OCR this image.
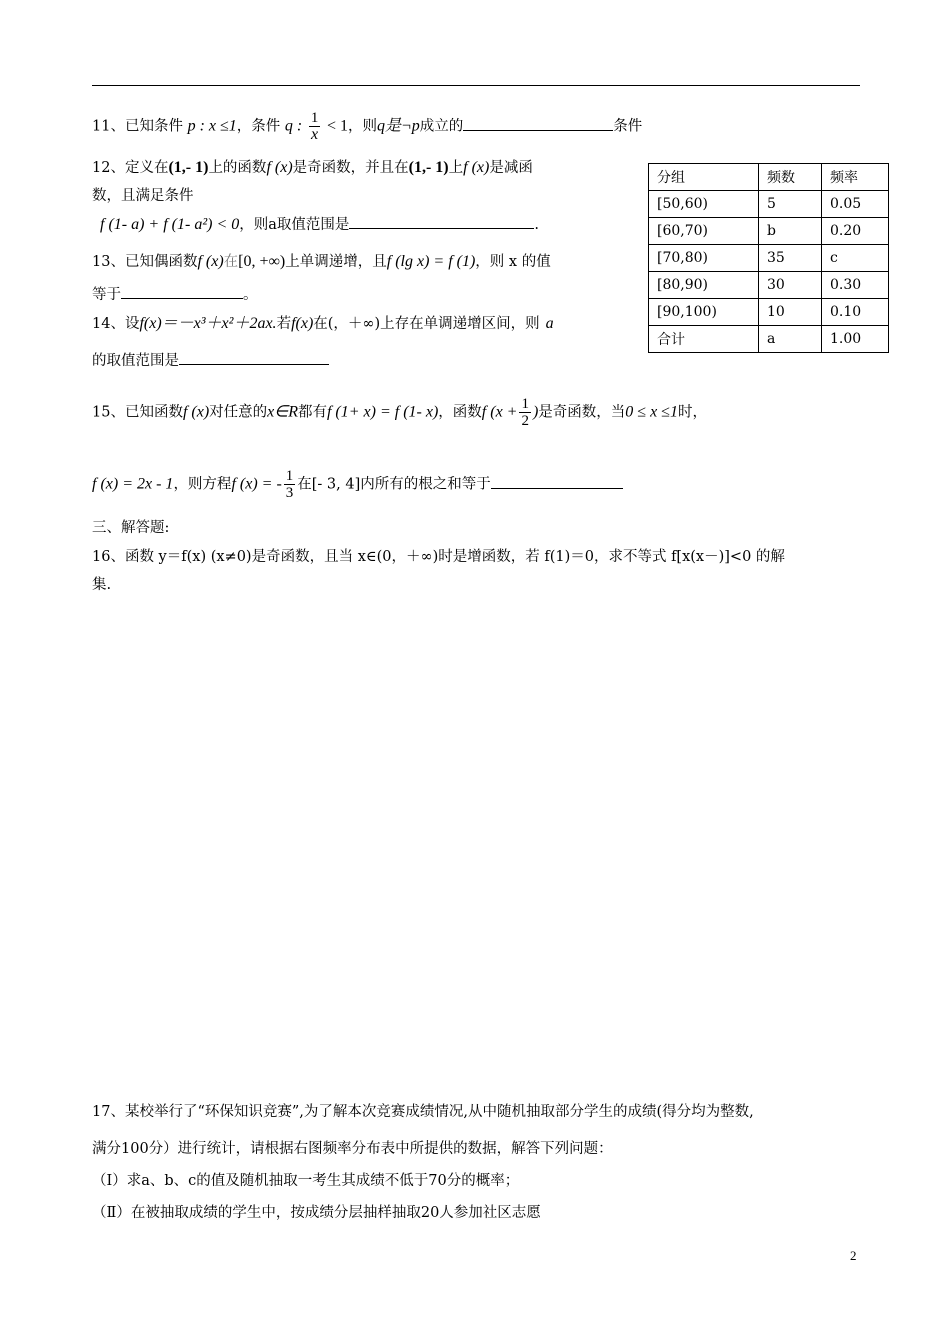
11、已知条件 p : x ≤1，条件 q : $\frac{1}{x} < 1$，则q是¬p成立的	条件
12、定义在(1,- 1)上的函数f (x)是奇函数，并且在(1,- 1)上f (x)是减函
数，且满足条件
f (1- a) + f (1- a²) < 0，则a取值范围是	.
13、已知偶函数f (x)在[0, +∞)上单调递增，且f (lg x) = f (1)，则 x 的值
等于	。
14、设f(x)＝－x³＋x²＋2ax.若f(x)在(，＋∞)上存在单调递增区间，则 a
的取值范围是
15、已知函数f (x)对任意的x∈R都有f (1+ x) = f (1- x)，函数f ($x + \frac{1}{2}$ )是奇函数，当0 ≤ x ≤1时，
f (x) = 2x - 1，则方程f (x) = - $\frac{1}{3}$ 在[- 3, 4]内所有的根之和等于
三、解答题:
16、函数 y＝f(x) (x≠0)是奇函数，且当 x∈(0，＋∞)时是增函数，若 f(1)＝0，求不等式 f[x(x－)]<0 的解
集.
17、某校举行了“环保知识竞赛”,为了解本次竞赛成绩情况,从中随机抽取部分学生的成绩(得分均为整数,
满分100分）进行统计，请根据右图频率分布表中所提供的数据，解答下列问题：
（Ⅰ）求a、b、c的值及随机抽取一考生其成绩不低于70分的概率；
（Ⅱ）在被抽取成绩的学生中，按成绩分层抽样抽取20人参加社区志愿
分组	频数	频率
[50,60)	5	0.05
[60,70)	b	0.20
[70,80)	35	c
[80,90)	30	0.30
[90,100)	10	0.10
合计	a	1.00
2
